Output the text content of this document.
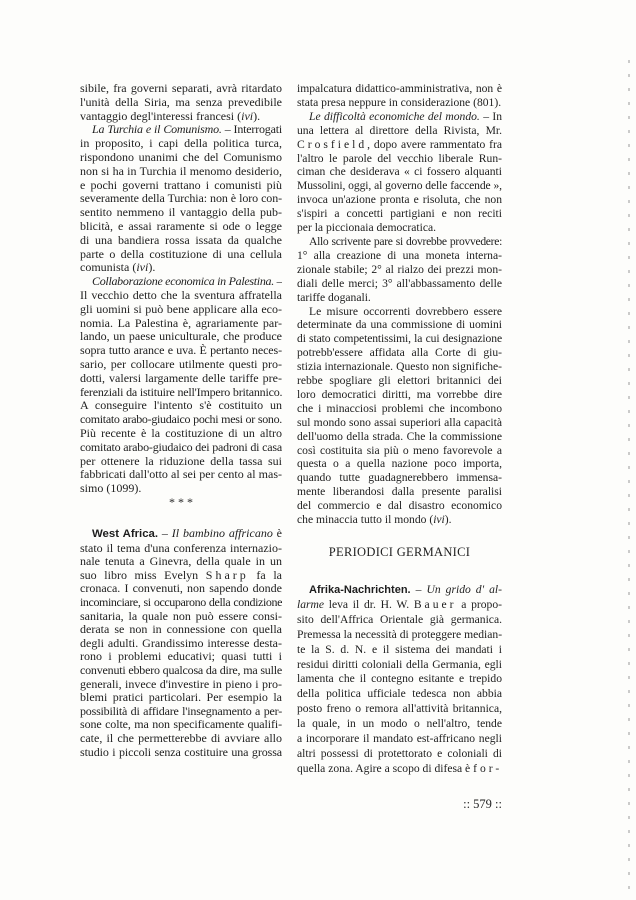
sibile, fra governi separati, avrà ritardato
l'unità della Siria, ma senza prevedibile
vantaggio degl'interessi francesi (ivi).
La Turchia e il Comunismo. – Interrogati
in proposito, i capi della politica turca,
rispondono unanimi che del Comunismo
non si ha in Turchia il menomo desiderio,
e pochi governi trattano i comunisti più
severamente della Turchia: non è loro con-
sentito nemmeno il vantaggio della pub-
blicità, e assai raramente si ode o legge
di una bandiera rossa issata da qualche
parte o della costituzione di una cellula
comunista (ivi).
Collaborazione economica in Palestina. –
Il vecchio detto che la sventura affratella
gli uomini si può bene applicare alla eco-
nomia. La Palestina è, agrariamente par-
lando, un paese uniculturale, che produce
sopra tutto arance e uva. È pertanto neces-
sario, per collocare utilmente questi pro-
dotti, valersi largamente delle tariffe pre-
ferenziali da istituire nell'Impero britannico.
A conseguire l'intento s'è costituito un
comitato arabo-giudaico pochi mesi or sono.
Più recente è la costituzione di un altro
comitato arabo-giudaico dei padroni di casa
per ottenere la riduzione della tassa sui
fabbricati dall'otto al sei per cento al mas-
simo (1099).
* * *
West Africa. – Il bambino affricano è
stato il tema d'una conferenza internazio-
nale tenuta a Ginevra, della quale in un
suo libro miss Evelyn Sharp fa la
cronaca. I convenuti, non sapendo donde
incominciare, si occuparono della condizione
sanitaria, la quale non può essere consi-
derata se non in connessione con quella
degli adulti. Grandissimo interesse desta-
rono i problemi educativi; quasi tutti i
convenuti ebbero qualcosa da dire, ma sulle
generali, invece d'investire in pieno i pro-
blemi pratici particolari. Per esempio la
possibilità di affidare l'insegnamento a per-
sone colte, ma non specificamente qualifi-
cate, il che permetterebbe di avviare allo
studio i piccoli senza costituire una grossa
impalcatura didattico-amministrativa, non è
stata presa neppure in considerazione (801).
Le difficoltà economiche del mondo. – In
una lettera al direttore della Rivista, Mr.
Crosfield, dopo avere rammentato fra
l'altro le parole del vecchio liberale Run-
ciman che desiderava « ci fossero alquanti
Mussolini, oggi, al governo delle faccende »,
invoca un'azione pronta e risoluta, che non
s'ispiri a concetti partigiani e non reciti
per la piccionaia democratica.
Allo scrivente pare si dovrebbe provvedere:
1° alla creazione di una moneta interna-
zionale stabile; 2° al rialzo dei prezzi mon-
diali delle merci; 3° all'abbassamento delle
tariffe doganali.
Le misure occorrenti dovrebbero essere
determinate da una commissione di uomini
di stato competentissimi, la cui designazione
potrebb'essere affidata alla Corte di giu-
stizia internazionale. Questo non significhe-
rebbe spogliare gli elettori britannici dei
loro democratici diritti, ma vorrebbe dire
che i minacciosi problemi che incombono
sul mondo sono assai superiori alla capacità
dell'uomo della strada. Che la commissione
così costituita sia più o meno favorevole a
questa o a quella nazione poco importa,
quando tutte guadagnerebbero immensa-
mente liberandosi dalla presente paralisi
del commercio e dal disastro economico
che minaccia tutto il mondo (ivi).
PERIODICI GERMANICI
Afrika-Nachrichten. – Un grido d' al-
larme leva il dr. H. W. Bauer a propo-
sito dell'Affrica Orientale già germanica.
Premessa la necessità di proteggere median-
te la S. d. N. e il sistema dei mandati i
residui diritti coloniali della Germania, egli
lamenta che il contegno esitante e trepido
della politica ufficiale tedesca non abbia
posto freno o remora all'attività britannica,
la quale, in un modo o nell'altro, tende
a incorporare il mandato est-affricano negli
altri possessi di protettorato e coloniali di
quella zona. Agire a scopo di difesa è for-
:: 579 ::
